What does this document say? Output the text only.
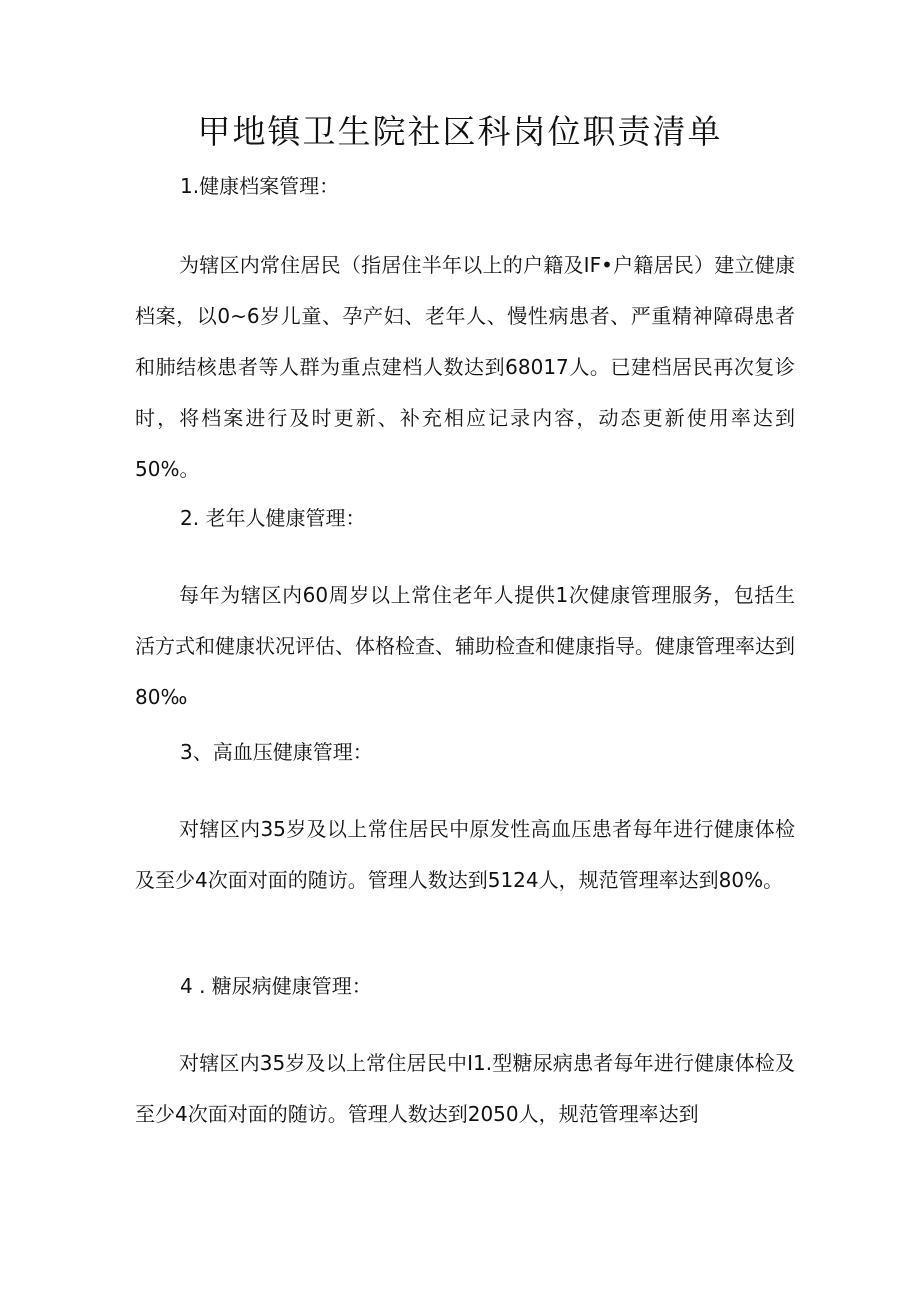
甲地镇卫生院社区科岗位职责清单
1.健康档案管理：
为辖区内常住居民（指居住半年以上的户籍及IF•户籍居民）建立健康档案，以0~6岁儿童、孕产妇、老年人、慢性病患者、严重精神障碍患者和肺结核患者等人群为重点建档人数达到68017人。已建档居民再次复诊时，将档案进行及时更新、补充相应记录内容，动态更新使用率达到50%。
2. 老年人健康管理：
每年为辖区内60周岁以上常住老年人提供1次健康管理服务，包括生活方式和健康状况评估、体格检查、辅助检查和健康指导。健康管理率达到80‰
3、高血压健康管理：
对辖区内35岁及以上常住居民中原发性高血压患者每年进行健康体检及至少4次面对面的随访。管理人数达到5124人，规范管理率达到80%。
4 . 糖尿病健康管理：
对辖区内35岁及以上常住居民中I1.型糖尿病患者每年进行健康体检及至少4次面对面的随访。管理人数达到2050人，规范管理率达到
